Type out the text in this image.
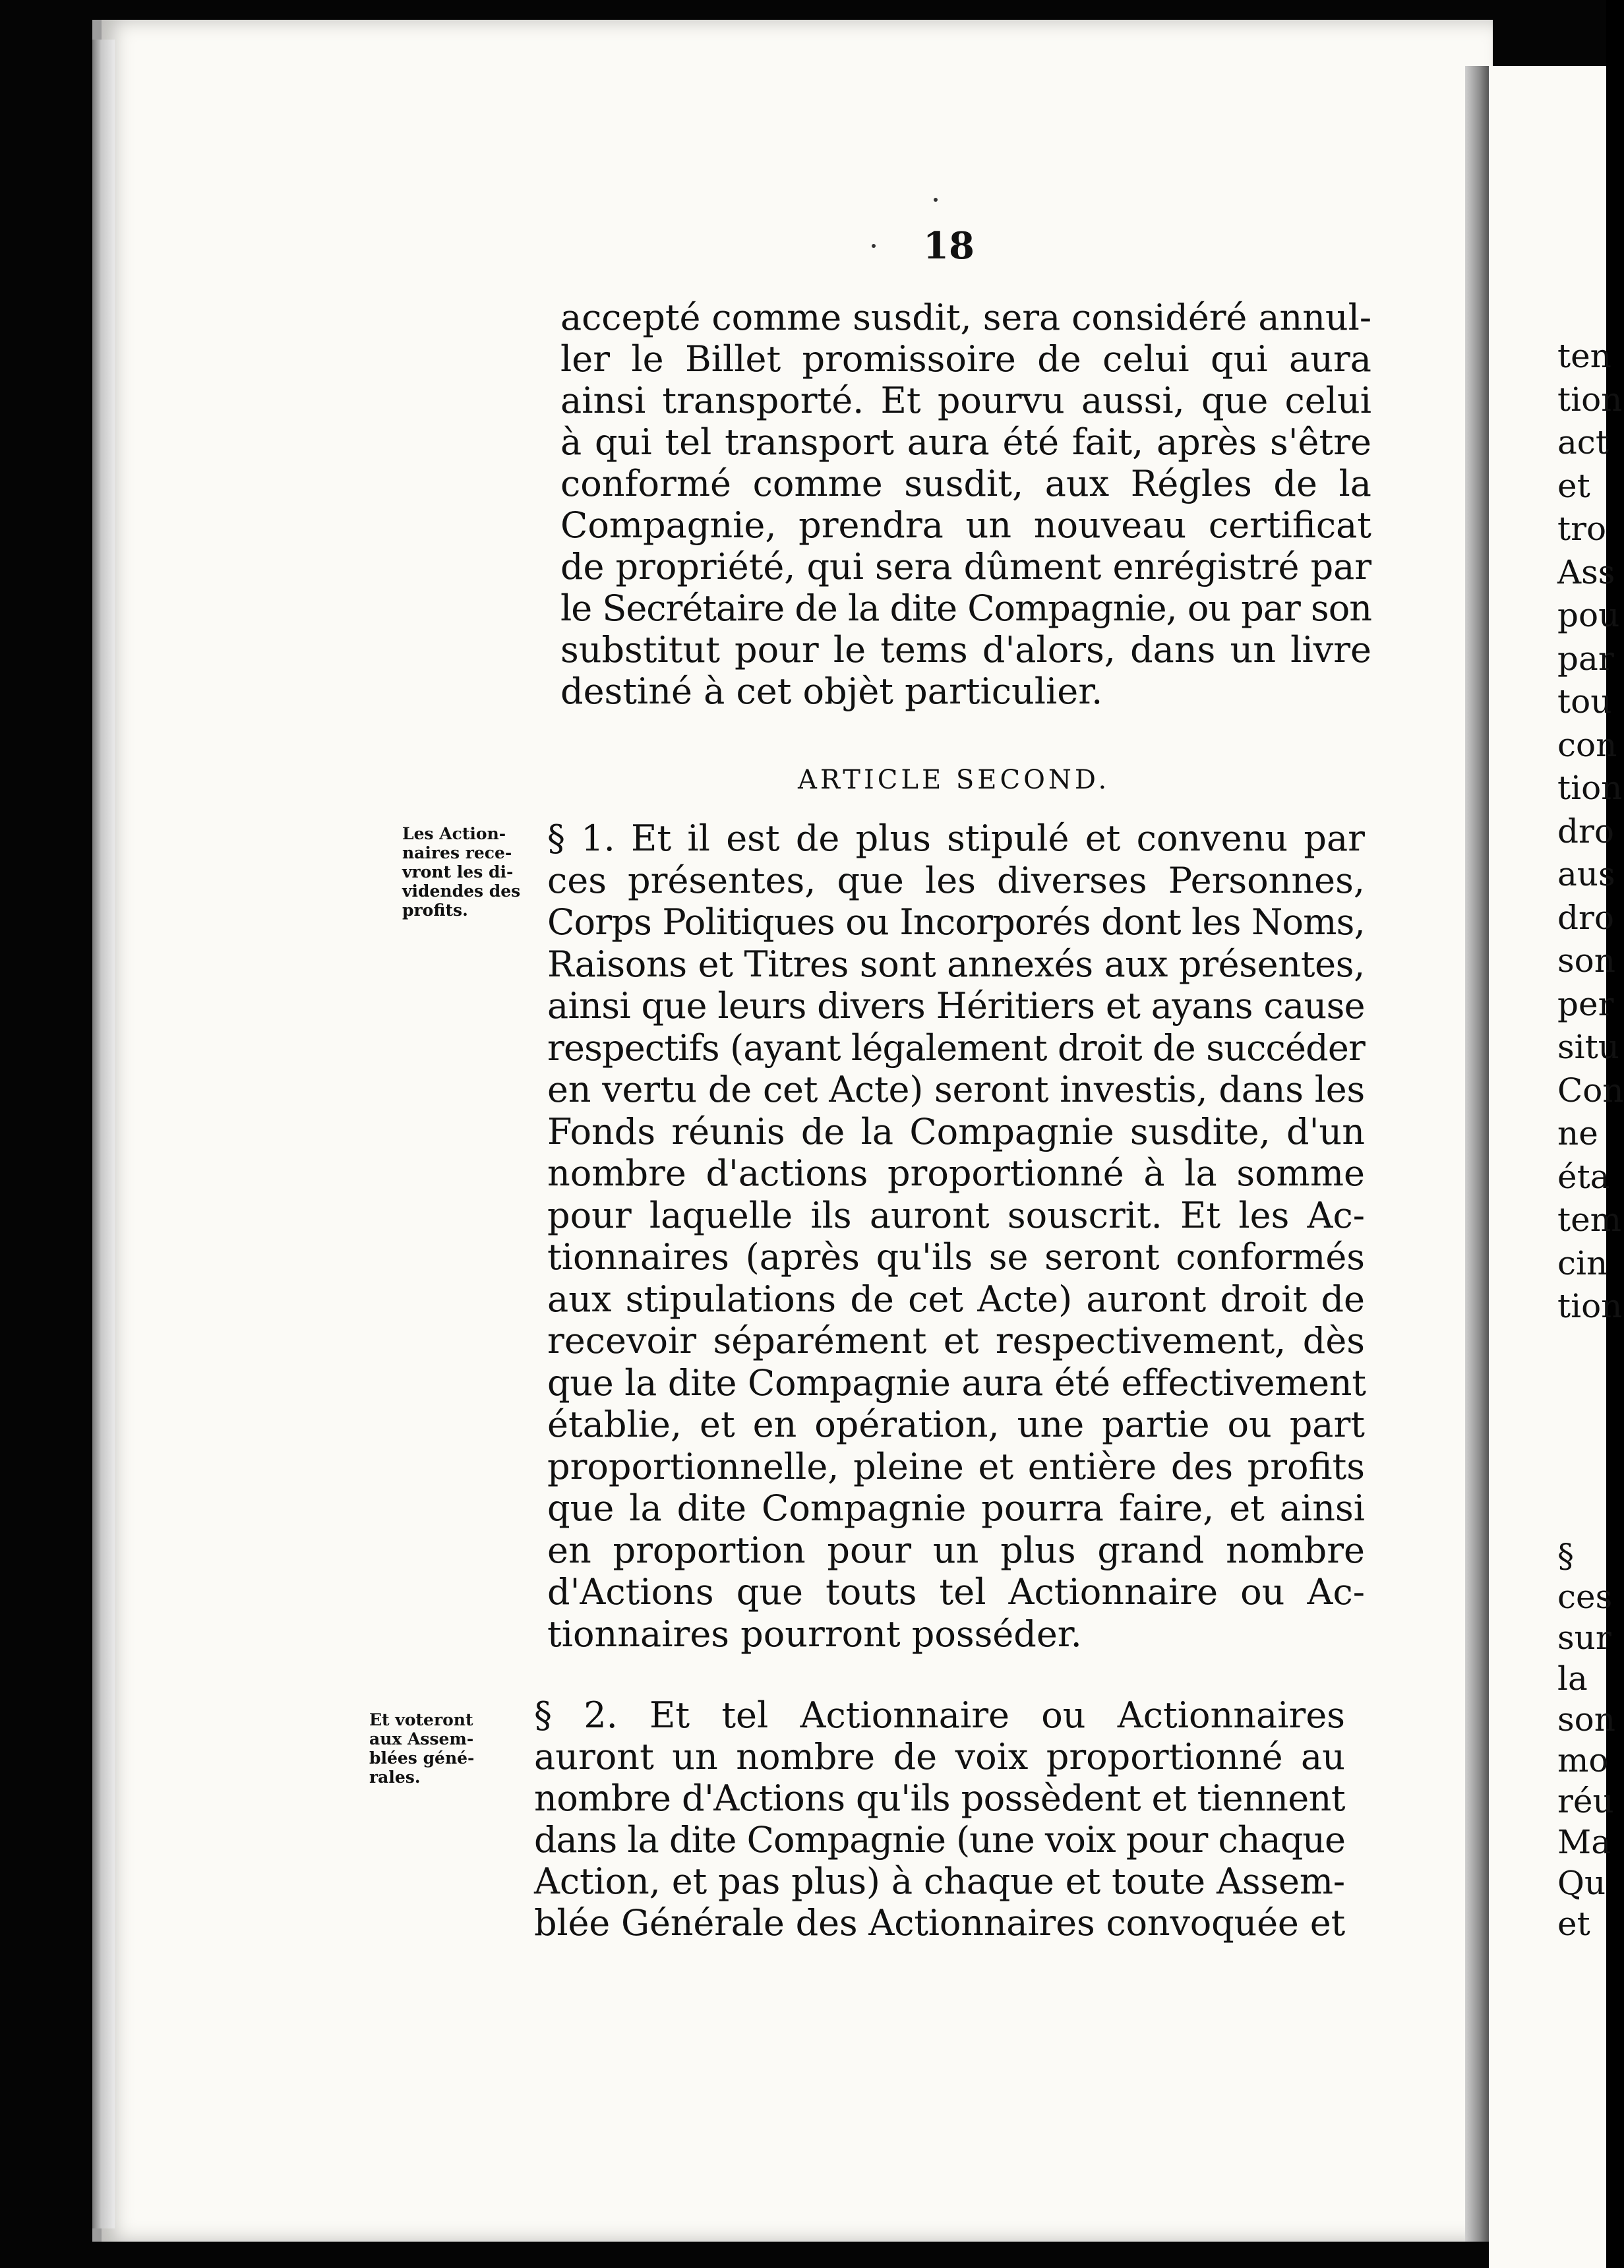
18

accepté comme susdit, sera considéré annul-

ler le Billet promissoire de celui qui aura

ainsi transporté. Et pourvu aussi, que celui

à qui tel transport aura été fait, après s'être

conformé comme susdit, aux Régles de la

Compagnie, prendra un nouveau certificat

de propriété, qui sera dûment enrégistré par

le Secrétaire de la dite Compagnie, ou par son

substitut pour le tems d'alors, dans un livre

destiné à cet objèt particulier.

ARTICLE SECOND.

Les Action-
naires rece-
vront les di-
videndes des
profits.

§ 1. Et il est de plus stipulé et convenu par

ces présentes, que les diverses Personnes,

Corps Politiques ou Incorporés dont les Noms,

Raisons et Titres sont annexés aux présentes,

ainsi que leurs divers Héritiers et ayans cause

respectifs (ayant légalement droit de succéder

en vertu de cet Acte) seront investis, dans les

Fonds réunis de la Compagnie susdite, d'un

nombre d'actions proportionné à la somme

pour laquelle ils auront souscrit. Et les Ac-

tionnaires (après qu'ils se seront conformés

aux stipulations de cet Acte) auront droit de

recevoir séparément et respectivement, dès

que la dite Compagnie aura été effectivement

établie, et en opération, une partie ou part

proportionnelle, pleine et entière des profits

que la dite Compagnie pourra faire, et ainsi

en proportion pour un plus grand nombre

d'Actions que touts tel Actionnaire ou Ac-

tionnaires pourront posséder.

Et voteront
aux Assem-
blées géné-
rales.

§ 2. Et tel Actionnaire ou Actionnaires

auront un nombre de voix proportionné au

nombre d'Actions qu'ils possèdent et tiennent

dans la dite Compagnie (une voix pour chaque

Action, et pas plus) à chaque et toute Assem-

blée Générale des Actionnaires convoquée et

ten
tion
act
et
tro
Ass
pou
par
tou
con
tion
dro
aus
dro
son
per
situ
Con
ne
éta
tem
cin
tion
§
ces
sur
la
son
mo
réu
Ma
Qu
et
